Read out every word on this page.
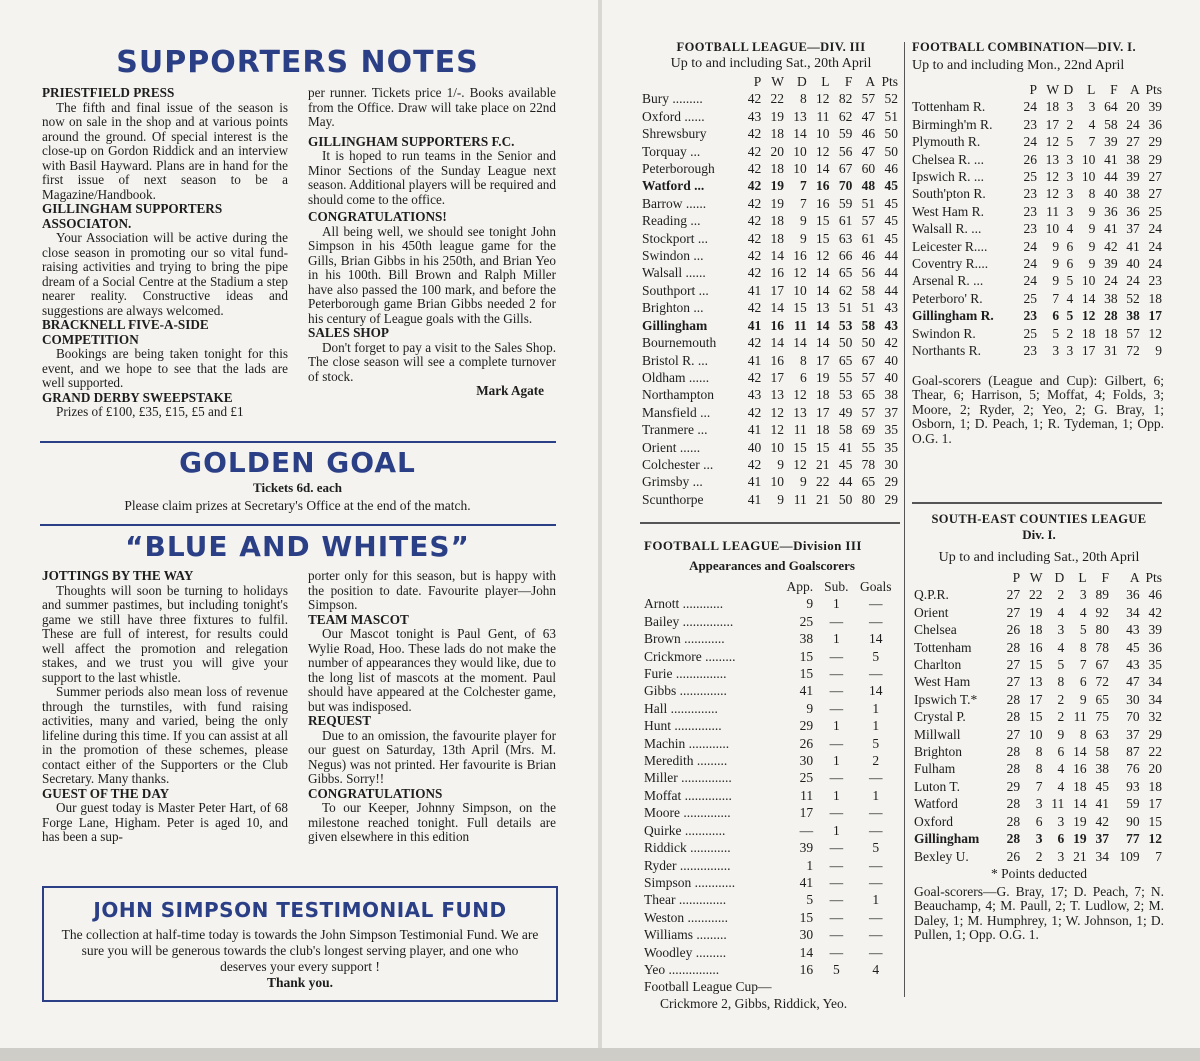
SUPPORTERS NOTES
PRIESTFIELD PRESS

The fifth and final issue of the season is now on sale in the shop and at various points around the ground. Of special interest is the close-up on Gordon Riddick and an interview with Basil Hayward. Plans are in hand for the first issue of next season to be a Magazine/Handbook.

GILLINGHAM SUPPORTERS ASSOCIATON.

Your Association will be active during the close season in promoting our so vital fund-raising activities and trying to bring the pipe dream of a Social Centre at the Stadium a step nearer reality. Constructive ideas and suggestions are always welcomed.

BRACKNELL FIVE-A-SIDE COMPETITION

Bookings are being taken tonight for this event, and we hope to see that the lads are well supported.

GRAND DERBY SWEEPSTAKE

Prizes of £100, £35, £15, £5 and £1

per runner. Tickets price 1/-. Books available from the Office. Draw will take place on 22nd May.

GILLINGHAM SUPPORTERS F.C.

It is hoped to run teams in the Senior and Minor Sections of the Sunday League next season. Additional players will be required and should come to the office.

CONGRATULATIONS!

All being well, we should see tonight John Simpson in his 450th league game for the Gills, Brian Gibbs in his 250th, and Brian Yeo in his 100th. Bill Brown and Ralph Miller have also passed the 100 mark, and before the Peterborough game Brian Gibbs needed 2 for his century of League goals with the Gills.

SALES SHOP

Don't forget to pay a visit to the Sales Shop. The close season will see a complete turnover of stock.

Mark Agate
GOLDEN GOAL
Tickets 6d. each
Please claim prizes at Secretary's Office at the end of the match.
“BLUE AND WHITES”
JOTTINGS BY THE WAY

Thoughts will soon be turning to holidays and summer pastimes, but including tonight's game we still have three fixtures to fulfil. These are full of interest, for results could well affect the promotion and relegation stakes, and we trust you will give your support to the last whistle.

Summer periods also mean loss of revenue through the turnstiles, with fund raising activities, many and varied, being the only lifeline during this time. If you can assist at all in the promotion of these schemes, please contact either of the Supporters or the Club Secretary. Many thanks.

GUEST OF THE DAY

Our guest today is Master Peter Hart, of 68 Forge Lane, Higham. Peter is aged 10, and has been a sup-

porter only for this season, but is happy with the position to date. Favourite player—John Simpson.

TEAM MASCOT

Our Mascot tonight is Paul Gent, of 63 Wylie Road, Hoo. These lads do not make the number of appearances they would like, due to the long list of mascots at the moment. Paul should have appeared at the Colchester game, but was indisposed.

REQUEST

Due to an omission, the favourite player for our guest on Saturday, 13th April (Mrs. M. Negus) was not printed. Her favourite is Brian Gibbs. Sorry!!

CONGRATULATIONS

To our Keeper, Johnny Simpson, on the milestone reached tonight. Full details are given elsewhere in this edition

JOHN SIMPSON TESTIMONIAL FUND
The collection at half-time today is towards the John Simpson Testimonial Fund. We are sure you will be generous towards the club's longest serving player, and one who deserves your every support !
Thank you.
FOOTBALL LEAGUE—DIV. III
Up to and including Sat., 20th April
	P	W	D	L	F	A	Pts
Bury .........	42	22	8	12	82	57	52
Oxford ......	43	19	13	11	62	47	51
Shrewsbury	42	18	14	10	59	46	50
Torquay ...	42	20	10	12	56	47	50
Peterborough	42	18	10	14	67	60	46
Watford ...	42	19	7	16	70	48	45
Barrow ......	42	19	7	16	59	51	45
Reading ...	42	18	9	15	61	57	45
Stockport ...	42	18	9	15	63	61	45
Swindon ...	42	14	16	12	66	46	44
Walsall ......	42	16	12	14	65	56	44
Southport ...	41	17	10	14	62	58	44
Brighton ...	42	14	15	13	51	51	43
Gillingham	41	16	11	14	53	58	43
Bournemouth	42	14	14	14	50	50	42
Bristol R. ...	41	16	8	17	65	67	40
Oldham ......	42	17	6	19	55	57	40
Northampton	43	13	12	18	53	65	38
Mansfield ...	42	12	13	17	49	57	37
Tranmere ...	41	12	11	18	58	69	35
Orient ......	40	10	15	15	41	55	35
Colchester ...	42	9	12	21	45	78	30
Grimsby ...	41	10	9	22	44	65	29
Scunthorpe	41	9	11	21	50	80	29
FOOTBALL LEAGUE—Division III
Appearances and Goalscorers
	App.	Sub.	Goals
Arnott ............	9	1	—
Bailey ...............	25	—	—
Brown ............	38	1	14
Crickmore .........	15	—	5
Furie ...............	15	—	—
Gibbs ..............	41	—	14
Hall ..............	9	—	1
Hunt ..............	29	1	1
Machin ............	26	—	5
Meredith .........	30	1	2
Miller ...............	25	—	—
Moffat ..............	11	1	1
Moore ..............	17	—	—
Quirke ............	—	1	—
Riddick ............	39	—	5
Ryder ...............	1	—	—
Simpson ............	41	—	—
Thear ..............	5	—	1
Weston ............	15	—	—
Williams .........	30	—	—
Woodley .........	14	—	—
Yeo ...............	16	5	4
Football League Cup—
Crickmore 2, Gibbs, Riddick, Yeo.
FOOTBALL COMBINATION—DIV. I.
Up to and including Mon., 22nd April
	P	W	D	L	F	A	Pts
Tottenham R.	24	18	3	3	64	20	39
Birmingh'm R.	23	17	2	4	58	24	36
Plymouth R.	24	12	5	7	39	27	29
Chelsea R. ...	26	13	3	10	41	38	29
Ipswich R. ...	25	12	3	10	44	39	27
South'pton R.	23	12	3	8	40	38	27
West Ham R.	23	11	3	9	36	36	25
Walsall R. ...	23	10	4	9	41	37	24
Leicester R....	24	9	6	9	42	41	24
Coventry R....	24	9	6	9	39	40	24
Arsenal R. ...	24	9	5	10	24	24	23
Peterboro' R.	25	7	4	14	38	52	18
Gillingham R.	23	6	5	12	28	38	17
Swindon R.	25	5	2	18	18	57	12
Northants R.	23	3	3	17	31	72	9
Goal-scorers (League and Cup): Gilbert, 6; Thear, 6; Harrison, 5; Moffat, 4; Folds, 3; Moore, 2; Ryder, 2; Yeo, 2; G. Bray, 1; Osborn, 1; D. Peach, 1; R. Tydeman, 1; Opp. O.G. 1.
SOUTH-EAST COUNTIES LEAGUE
Div. I.
Up to and including Sat., 20th April
	P	W	D	L	F	A	Pts
Q.P.R.	27	22	2	3	89	36	46
Orient	27	19	4	4	92	34	42
Chelsea	26	18	3	5	80	43	39
Tottenham	28	16	4	8	78	45	36
Charlton	27	15	5	7	67	43	35
West Ham	27	13	8	6	72	47	34
Ipswich T.*	28	17	2	9	65	30	34
Crystal P.	28	15	2	11	75	70	32
Millwall	27	10	9	8	63	37	29
Brighton	28	8	6	14	58	87	22
Fulham	28	8	4	16	38	76	20
Luton T.	29	7	4	18	45	93	18
Watford	28	3	11	14	41	59	17
Oxford	28	6	3	19	42	90	15
Gillingham	28	3	6	19	37	77	12
Bexley U.	26	2	3	21	34	109	7
* Points deducted
Goal-scorers—G. Bray, 17; D. Peach, 7; N. Beauchamp, 4; M. Paull, 2; T. Ludlow, 2; M. Daley, 1; M. Humphrey, 1; W. Johnson, 1; D. Pullen, 1; Opp. O.G. 1.
